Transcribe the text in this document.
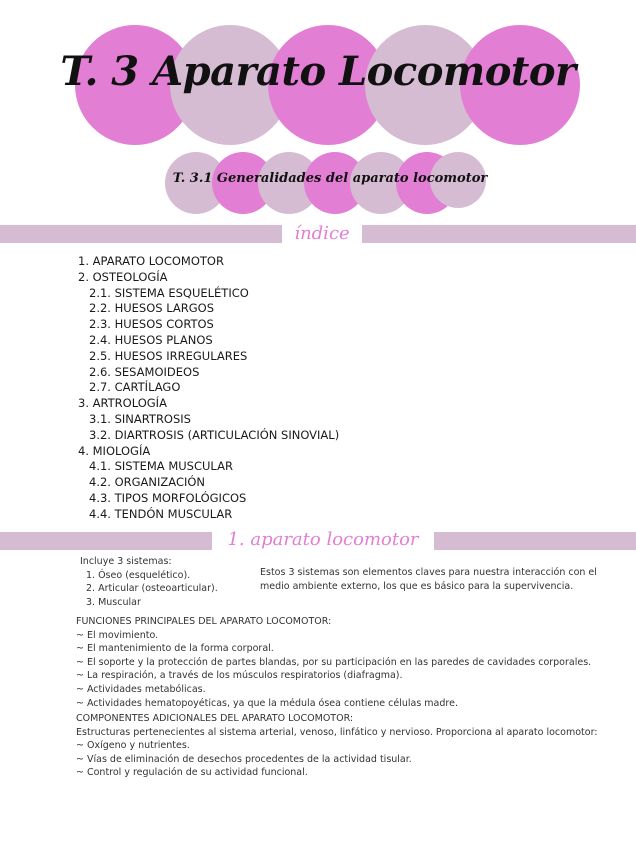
T. 3 Aparato Locomotor
T. 3.1 Generalidades del aparato locomotor
índice
1. APARATO LOCOMOTOR
2. OSTEOLOGÍA
2.1. SISTEMA ESQUELÉTICO
2.2. HUESOS LARGOS
2.3. HUESOS CORTOS
2.4. HUESOS PLANOS
2.5. HUESOS IRREGULARES
2.6. SESAMOIDEOS
2.7. CARTÍLAGO
3. ARTROLOGÍA
3.1. SINARTROSIS
3.2. DIARTROSIS (ARTICULACIÓN SINOVIAL)
4. MIOLOGÍA
4.1. SISTEMA MUSCULAR
4.2. ORGANIZACIÓN
4.3. TIPOS MORFOLÓGICOS
4.4. TENDÓN MUSCULAR
1. aparato locomotor
Incluye 3 sistemas:
1. Óseo (esquelético).
2. Articular (osteoarticular).
3. Muscular
Estos 3 sistemas son elementos claves para nuestra interacción con el
medio ambiente externo, los que es básico para la supervivencia.
FUNCIONES PRINCIPALES DEL APARATO LOCOMOTOR:
~ El movimiento.
~ El mantenimiento de la forma corporal.
~ El soporte y la protección de partes blandas, por su participación en las paredes de cavidades corporales.
~ La respiración, a través de los músculos respiratorios (diafragma).
~ Actividades metabólicas.
~ Actividades hematopoyéticas, ya que la médula ósea contiene células madre.
COMPONENTES ADICIONALES DEL APARATO LOCOMOTOR:
Estructuras pertenecientes al sistema arterial, venoso, linfático y nervioso. Proporciona al aparato locomotor:
~ Oxígeno y nutrientes.
~ Vías de eliminación de desechos procedentes de la actividad tisular.
~ Control y regulación de su actividad funcional.
